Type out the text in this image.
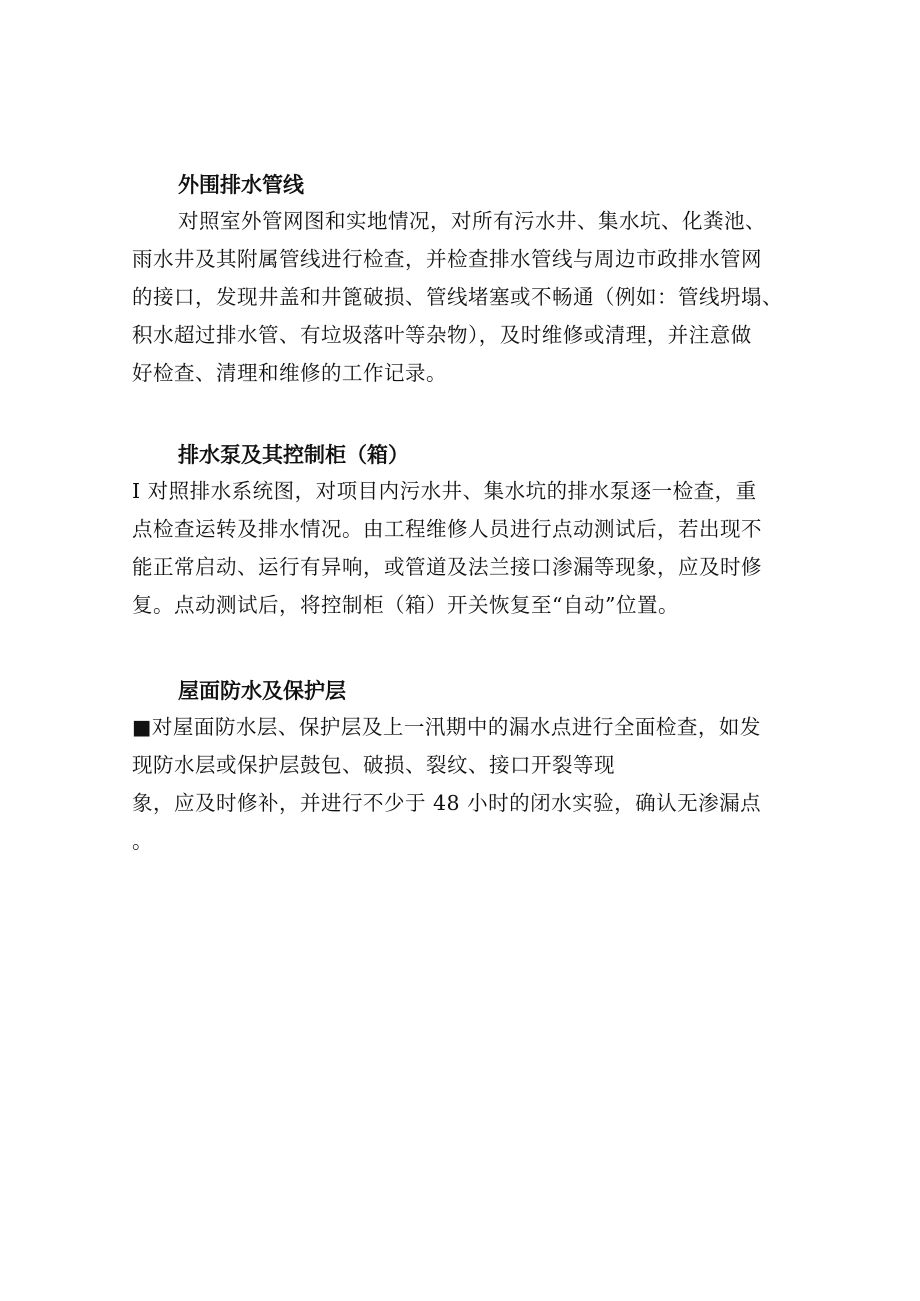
外围排水管线

对照室外管网图和实地情况，对所有污水井、集水坑、化粪池、
雨水井及其附属管线进行检查，并检查排水管线与周边市政排水管网
的接口，发现井盖和井篦破损、管线堵塞或不畅通（例如：管线坍塌、
积水超过排水管、有垃圾落叶等杂物），及时维修或清理，并注意做
好检查、清理和维修的工作记录。

排水泵及其控制柜（箱）

I 对照排水系统图，对项目内污水井、集水坑的排水泵逐一检查，重
点检查运转及排水情况。由工程维修人员进行点动测试后，若出现不
能正常启动、运行有异响，或管道及法兰接口渗漏等现象，应及时修
复。点动测试后，将控制柜（箱）开关恢复至“自动”位置。

屋面防水及保护层

■对屋面防水层、保护层及上一汛期中的漏水点进行全面检查，如发
现防水层或保护层鼓包、破损、裂纹、接口开裂等现
象，应及时修补，并进行不少于 48 小时的闭水实验，确认无渗漏点
。
